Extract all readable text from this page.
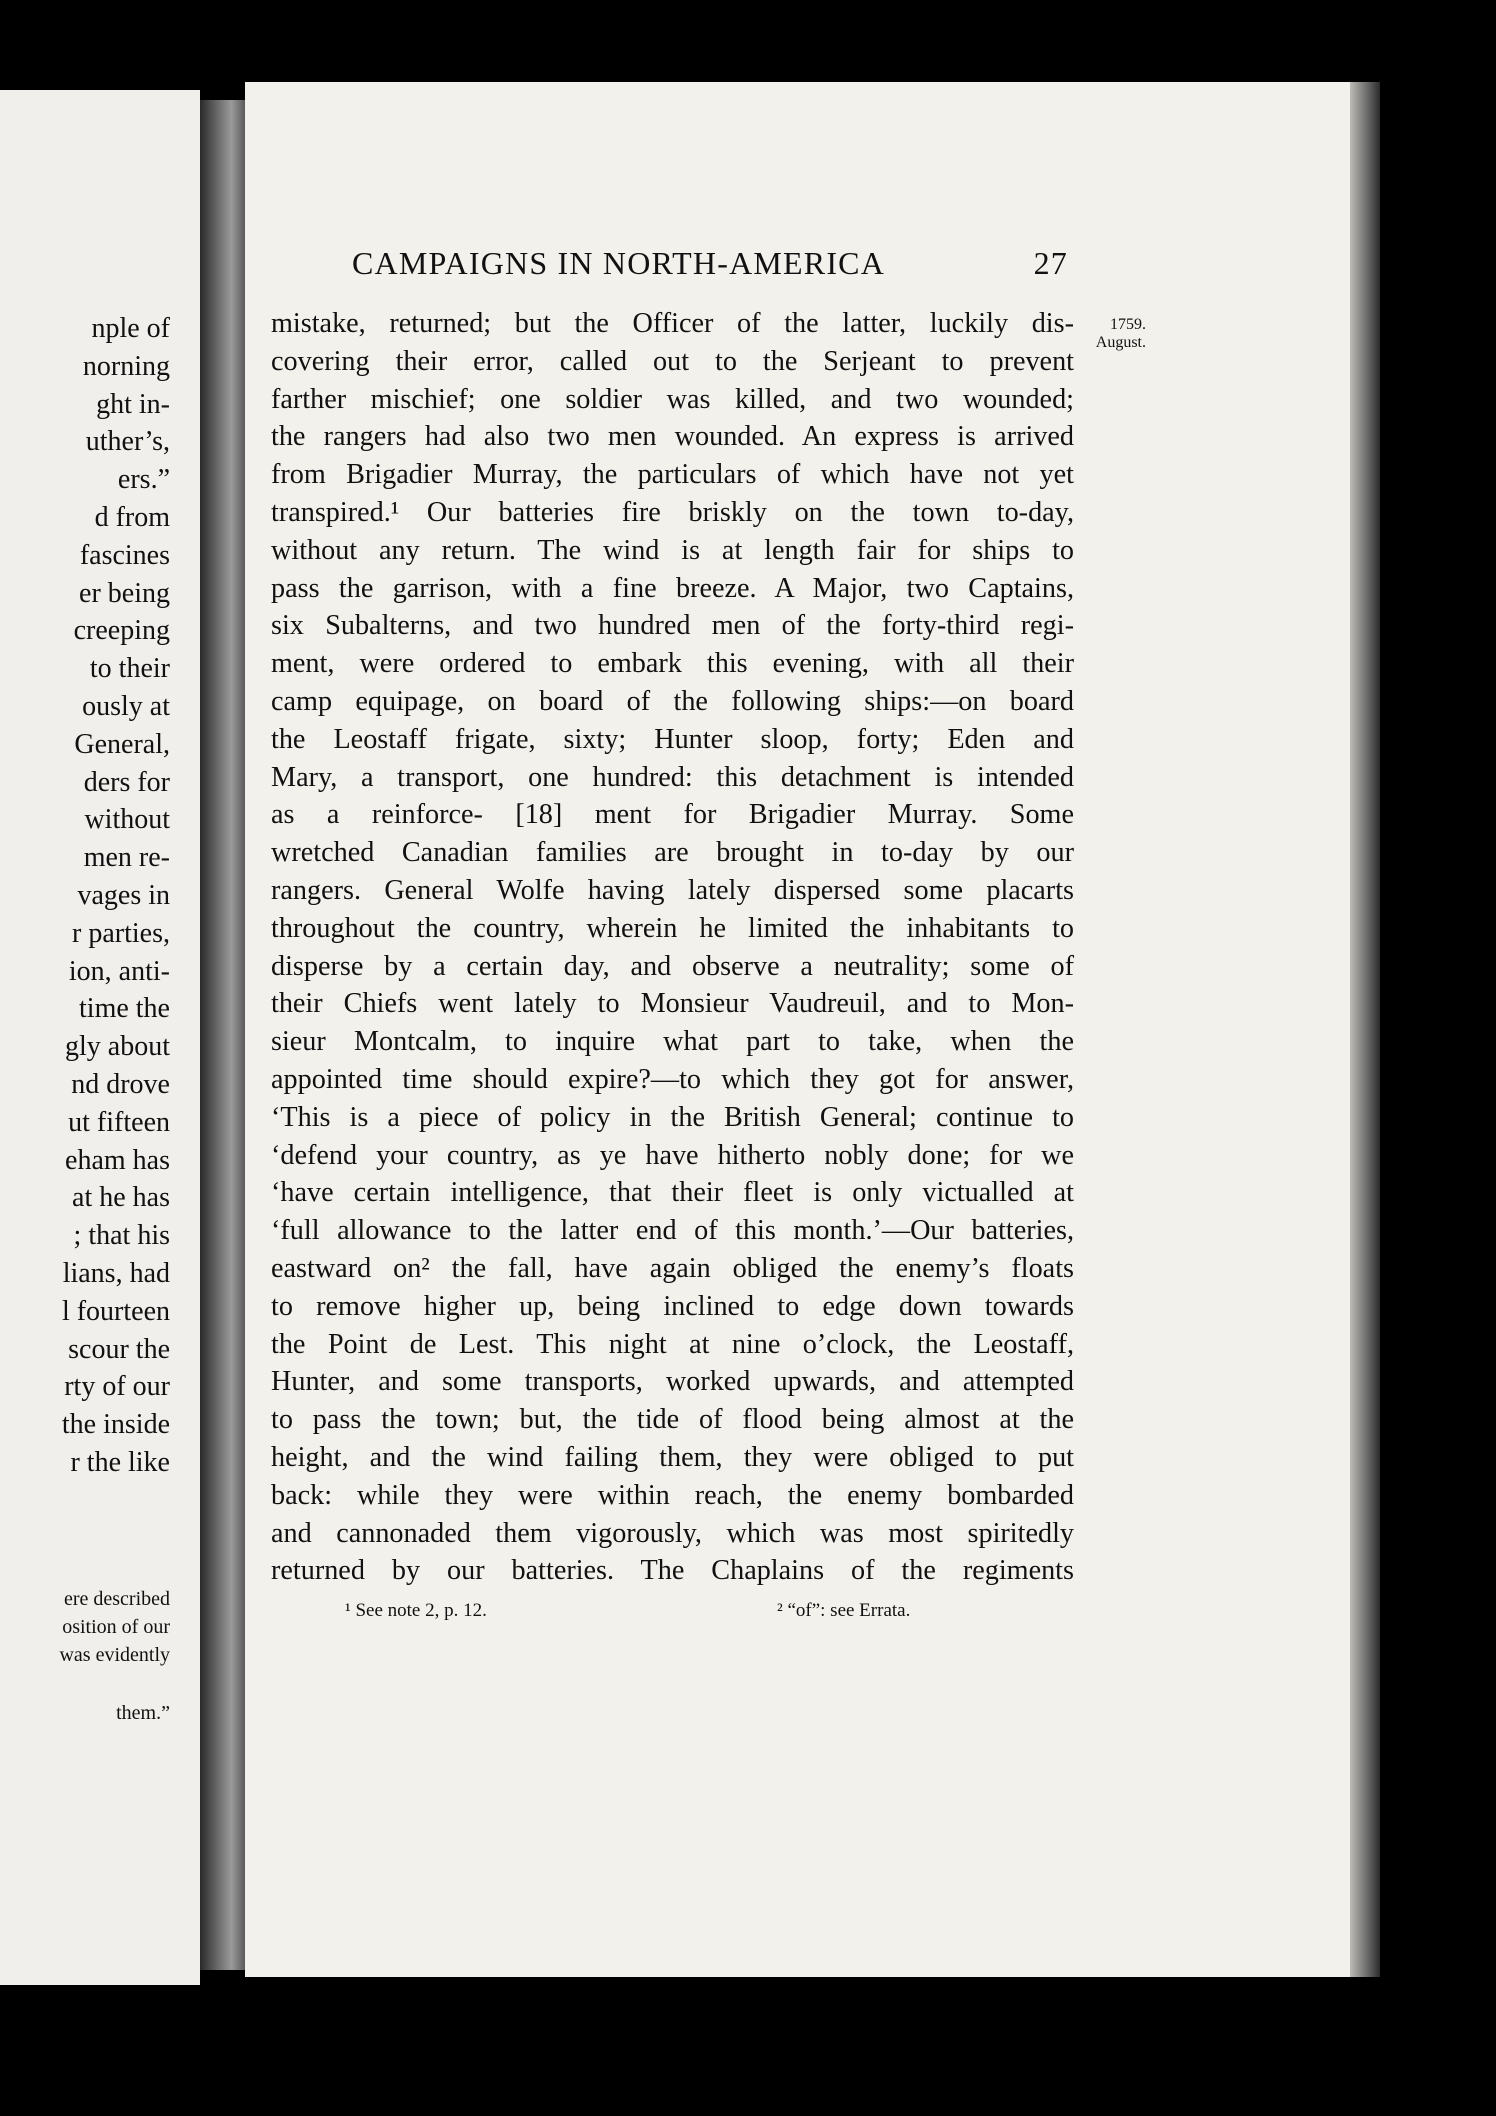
nple of
norning
ght in-
uther’s,
ers.”
d from
fascines
er being
creeping
to their
ously at
General,
ders for
without
men re-
vages in
r parties,
ion, anti-
time the
gly about
nd drove
ut fifteen
eham has
at he has
; that his
lians, had
l fourteen
scour the
rty of our
the inside
r the like
ere described
osition of our
was evidently
them.”
CAMPAIGNS IN NORTH-AMERICA	27
1759.
August.
mistake, returned; but the Officer of the latter, luckily dis-
covering their error, called out to the Serjeant to prevent
farther mischief; one soldier was killed, and two wounded;
the rangers had also two men wounded. An express is arrived
from Brigadier Murray, the particulars of which have not yet
transpired.¹ Our batteries fire briskly on the town to-day,
without any return. The wind is at length fair for ships to
pass the garrison, with a fine breeze. A Major, two Captains,
six Subalterns, and two hundred men of the forty-third regi-
ment, were ordered to embark this evening, with all their
camp equipage, on board of the following ships:—on board
the Leostaff frigate, sixty; Hunter sloop, forty; Eden and
Mary, a transport, one hundred: this detachment is intended
as a reinforce- [18] ment for Brigadier Murray. Some
wretched Canadian families are brought in to-day by our
rangers. General Wolfe having lately dispersed some placarts
throughout the country, wherein he limited the inhabitants to
disperse by a certain day, and observe a neutrality; some of
their Chiefs went lately to Monsieur Vaudreuil, and to Mon-
sieur Montcalm, to inquire what part to take, when the
appointed time should expire?—to which they got for answer,
‘This is a piece of policy in the British General; continue to
‘defend your country, as ye have hitherto nobly done; for we
‘have certain intelligence, that their fleet is only victualled at
‘full allowance to the latter end of this month.’—Our batteries,
eastward on² the fall, have again obliged the enemy’s floats
to remove higher up, being inclined to edge down towards
the Point de Lest. This night at nine o’clock, the Leostaff,
Hunter, and some transports, worked upwards, and attempted
to pass the town; but, the tide of flood being almost at the
height, and the wind failing them, they were obliged to put
back: while they were within reach, the enemy bombarded
and cannonaded them vigorously, which was most spiritedly
returned by our batteries. The Chaplains of the regiments
¹ See note 2, p. 12.	² “of”: see Errata.
